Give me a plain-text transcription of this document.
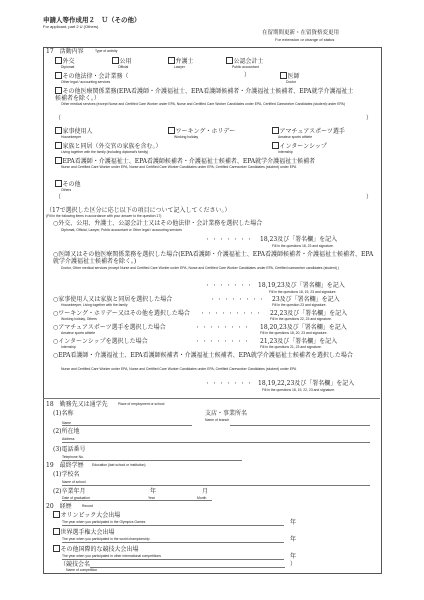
申請人等作成用２　Ｕ（その他）
For applicant, part 2 U (Others)
在留期間更新・在留資格変更用
For extension or change of status
17　活動内容	Type of activity
外交
Diplomat
公用
Official
弁護士
Lawyer
公認会計士
Public accountant
その他法律・会計業務（	）
Other legal / accounting services
医師
Doctor
その他医療関係業務(EPA看護師・介護福祉士、EPA看護師候補者・介護福祉士候補者、EPA就学介護福祉士候補者を除く。）
Other medical services (except Nurse and Certified Care Worker under EPA, Nurse and Certified Care Worker Candidates under EPA, Certified Careworker Candidates (student) under EPA)
（	）
家事使用人
Housekeeper
ワーキング・ホリデー
Working holiday
アマチュアスポーツ選手
Amateur sports athlete
家族と同居（外交官の家族を含む。）
Living together with the family (including diplomat's family)
インターンシップ
Internship
EPA看護師・介護福祉士、EPA看護師候補者・介護福祉士候補者、EPA就学介護福祉士候補者
Nurse and Certified Care Worker under EPA, Nurse and Certified Care Worker Candidates under EPA, Certified Careworker Candidates (student) under EPA
その他
Others
（	）
（17で選択した区分に応じ以下の項目について記入してください。）
(Fill in the following items in accordance with your answer to the question 17)
○外交、公用、弁護士、公認会計士又はその他法律・会計業務を選択した場合
Diplomat, Official, Lawyer, Public accountant or Other legal / accounting services
・・・・・・・ 18,23及び「署名欄」を記入
Fill in the questions 18, 23 and signature.
○医師又はその他医療関係業務を選択した場合(EPA看護師・介護福祉士、EPA看護師候補者・介護福祉士候補者、EPA就学介護福祉士候補者を除く。)
Doctor, Other medical services (except Nurse and Certified Care Worker under EPA, Nurse and Certified Care Worker Candidates under EPA, Certified careworker candidates (student) )
・・・・・・・ 18,19,23及び「署名欄」を記入
Fill in the questions 18, 19, 23 and signature.
○家事使用人又は家族と同居を選択した場合
Housekeeper, Living together with the family
・・・・・・・・ 23及び「署名欄」を記入
Fill in the question 23 and signature.
○ワーキング・ホリデー又はその他を選択した場合
Working holiday, Others
・・・・・・・・・ 22,23及び「署名欄」を記入
Fill in the questions 22, 23 and signature.
○アマチュアスポーツ選手を選択した場合
Amateur sports athlete
・・・・・・・・ 18,20,23及び「署名欄」を記入
Fill in the questions 18, 20, 23 and signature.
○インターンシップを選択した場合
Internship
・・・・・・・・ 21,23及び「署名欄」を記入
Fill in the questions 21, 23 and signature.
○EPA看護師・介護福祉士、EPA看護師候補者・介護福祉士候補者、EPA就学介護福祉士候補者を選択した場合
Nurse and Certified Care Worker under EPA, Nurse and Certified Care Worker Candidates under EPA, Certified Careworker Candidates (student) under EPA
・・・・・・・ 18,19,22,23及び「署名欄」を記入
Fill in the questions 18, 19, 22, 23 and signature.
18　勤務先又は通学先	Place of employment or school
(1)名称
Name
支店・事業所名
Name of branch
(2)所在地
Address
(3)電話番号
Telephone No.
19　最終学歴 Education (last school or institution)
(1)学校名
Name of school
(2)卒業年月
Date of graduation
年
Year
月
Month
20　経歴	Record
オリンピック大会出場
The year when you participated in the Olympics Games	年
世界選手権大会出場
The year when you participated in the world championship	年
その他国際的な競技大会出場
The year when you participated in other international competitions	年
（競技会名
Name of competition
）
